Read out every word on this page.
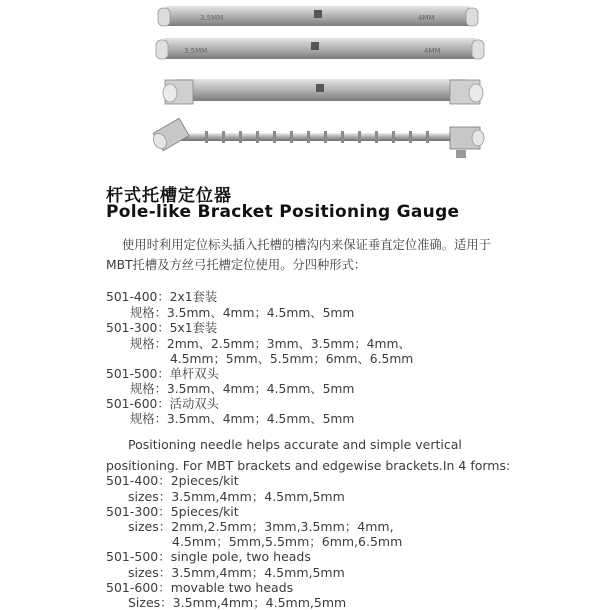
3.5MM	4MM
3.5MM	4MM
杆式托槽定位器
Pole-like Bracket Positioning Gauge
使用时利用定位标头插入托槽的槽沟内来保证垂直定位准确。适用于
MBT托槽及方丝弓托槽定位使用。分四种形式：
501-400：2x1套装
规格：3.5mm、4mm；4.5mm、5mm
501-300：5x1套装
规格：2mm、2.5mm；3mm、3.5mm；4mm、
4.5mm；5mm、5.5mm；6mm、6.5mm
501-500：单杆双头
规格：3.5mm、4mm；4.5mm、5mm
501-600：活动双头
规格：3.5mm、4mm；4.5mm、5mm
Positioning needle helps accurate and simple vertical
positioning. For MBT brackets and edgewise brackets.In 4 forms:
501-400：2pieces/kit
sizes：3.5mm,4mm；4.5mm,5mm
501-300：5pieces/kit
sizes：2mm,2.5mm；3mm,3.5mm；4mm,
4.5mm；5mm,5.5mm；6mm,6.5mm
501-500：single pole, two heads
sizes：3.5mm,4mm；4.5mm,5mm
501-600：movable two heads
Sizes：3.5mm,4mm；4.5mm,5mm
